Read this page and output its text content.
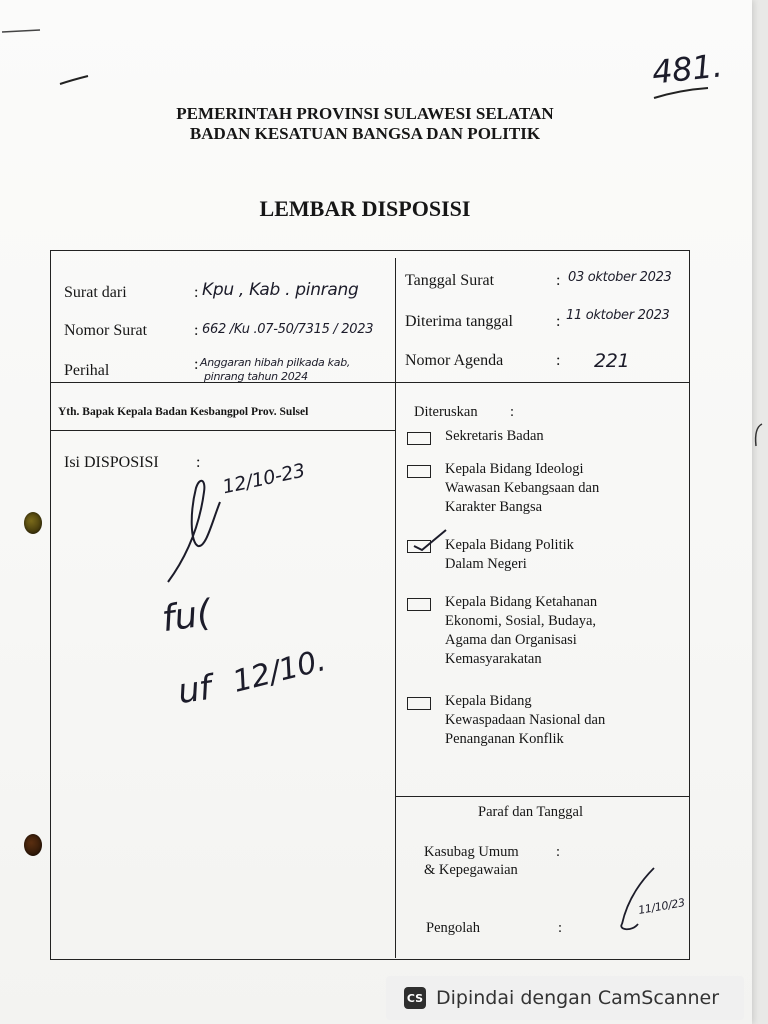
481.
PEMERINTAH PROVINSI SULAWESI SELATAN
BADAN KESATUAN BANGSA DAN POLITIK
LEMBAR DISPOSISI
Surat dari	: Kpu , Kab . pinrang
Nomor Surat	: 662 /Ku .07-50/7315 / 2023
Perihal	: Anggaran hibah pilkada kab,
pinrang tahun 2024
Tanggal Surat	: 03 oktober 2023
Diterima tanggal	: 11 oktober 2023
Nomor Agenda	: 221
Yth. Bapak Kepala Badan Kesbangpol Prov. Sulsel
Isi DISPOSISI : 12/10-23
fu(
uf 12/10.
Diteruskan :
Sekretaris Badan
Kepala Bidang Ideologi
Wawasan Kebangsaan dan
Karakter Bangsa
Kepala Bidang Politik
Dalam Negeri
Kepala Bidang Ketahanan
Ekonomi, Sosial, Budaya,
Agama dan Organisasi
Kemasyarakatan
Kepala Bidang
Kewaspadaan Nasional dan
Penanganan Konflik
Paraf dan Tanggal
Kasubag Umum	:
& Kepegawaian
Pengolah	:
11/10/23
CS Dipindai dengan CamScanner
